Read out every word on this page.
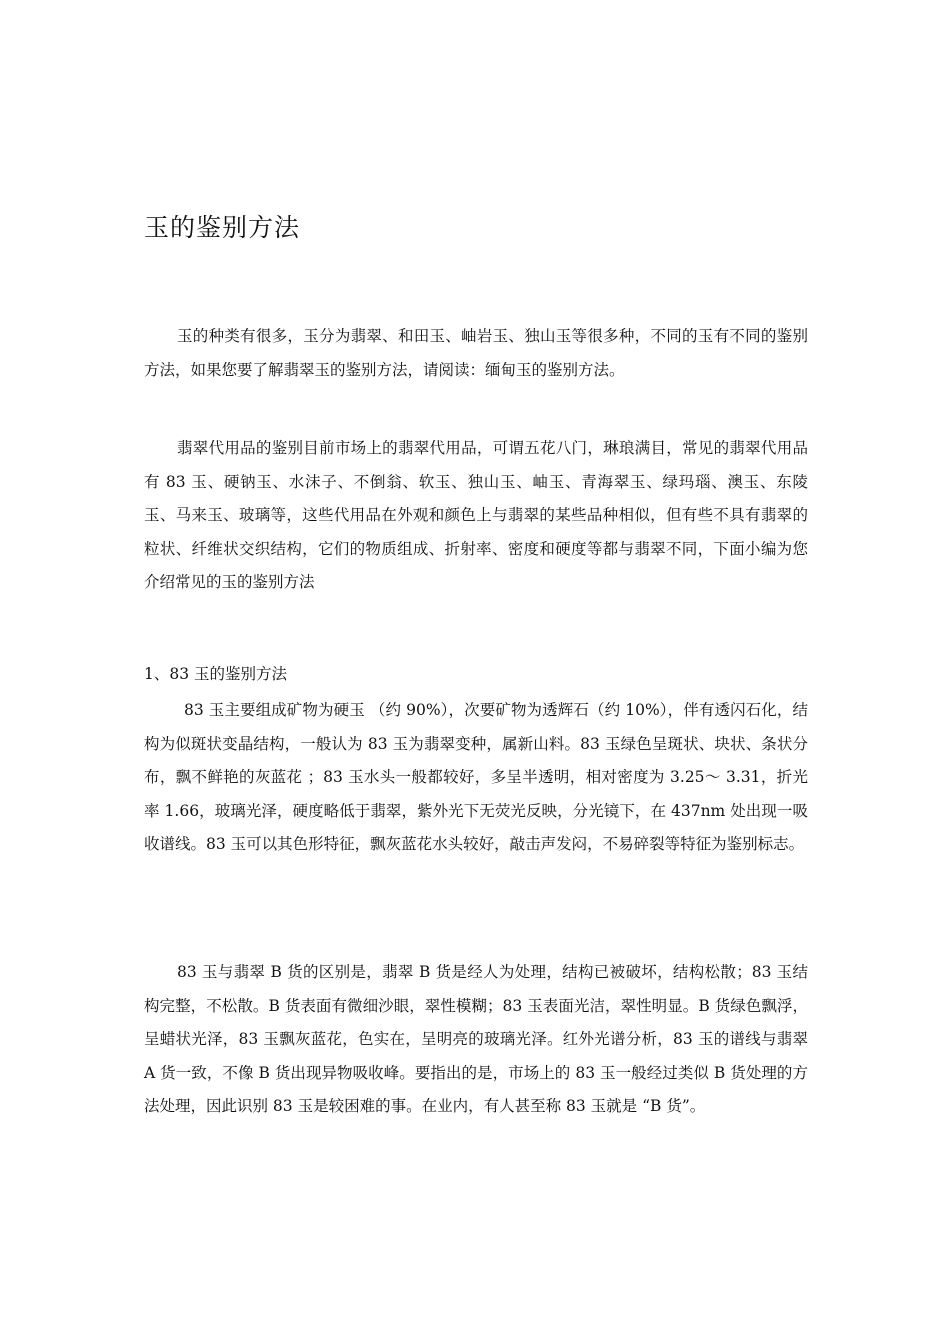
玉的鉴别方法

玉的种类有很多，玉分为翡翠、和田玉、岫岩玉、独山玉等很多种，不同的玉有不同的鉴别方法，如果您要了解翡翠玉的鉴别方法，请阅读：缅甸玉的鉴别方法。

翡翠代用品的鉴别目前市场上的翡翠代用品，可谓五花八门，琳琅满目，常见的翡翠代用品有 83 玉、硬钠玉、水沫子、不倒翁、软玉、独山玉、岫玉、青海翠玉、绿玛瑙、澳玉、东陵玉、马来玉、玻璃等，这些代用品在外观和颜色上与翡翠的某些品种相似，但有些不具有翡翠的粒状、纤维状交织结构，它们的物质组成、折射率、密度和硬度等都与翡翠不同，下面小编为您介绍常见的玉的鉴别方法

1、83 玉的鉴别方法

83 玉主要组成矿物为硬玉 （约 90%），次要矿物为透辉石（约 10%），伴有透闪石化，结构为似斑状变晶结构，一般认为 83 玉为翡翠变种，属新山料。83 玉绿色呈斑状、块状、条状分布，飘不鲜艳的灰蓝花 ；83 玉水头一般都较好，多呈半透明，相对密度为 3.25～ 3.31，折光率 1.66，玻璃光泽，硬度略低于翡翠，紫外光下无荧光反映，分光镜下，在 437nm 处出现一吸收谱线。83 玉可以其色形特征，飘灰蓝花水头较好，敲击声发闷，不易碎裂等特征为鉴别标志。

83 玉与翡翠 B 货的区别是，翡翠 B 货是经人为处理，结构已被破坏，结构松散；83 玉结构完整，不松散。B 货表面有微细沙眼，翠性模糊；83 玉表面光洁，翠性明显。B 货绿色飘浮，呈蜡状光泽，83 玉飘灰蓝花，色实在，呈明亮的玻璃光泽。红外光谱分析，83 玉的谱线与翡翠 A 货一致，不像 B 货出现异物吸收峰。要指出的是，市场上的 83 玉一般经过类似 B 货处理的方法处理，因此识别 83 玉是较困难的事。在业内，有人甚至称 83 玉就是 “B 货”。
